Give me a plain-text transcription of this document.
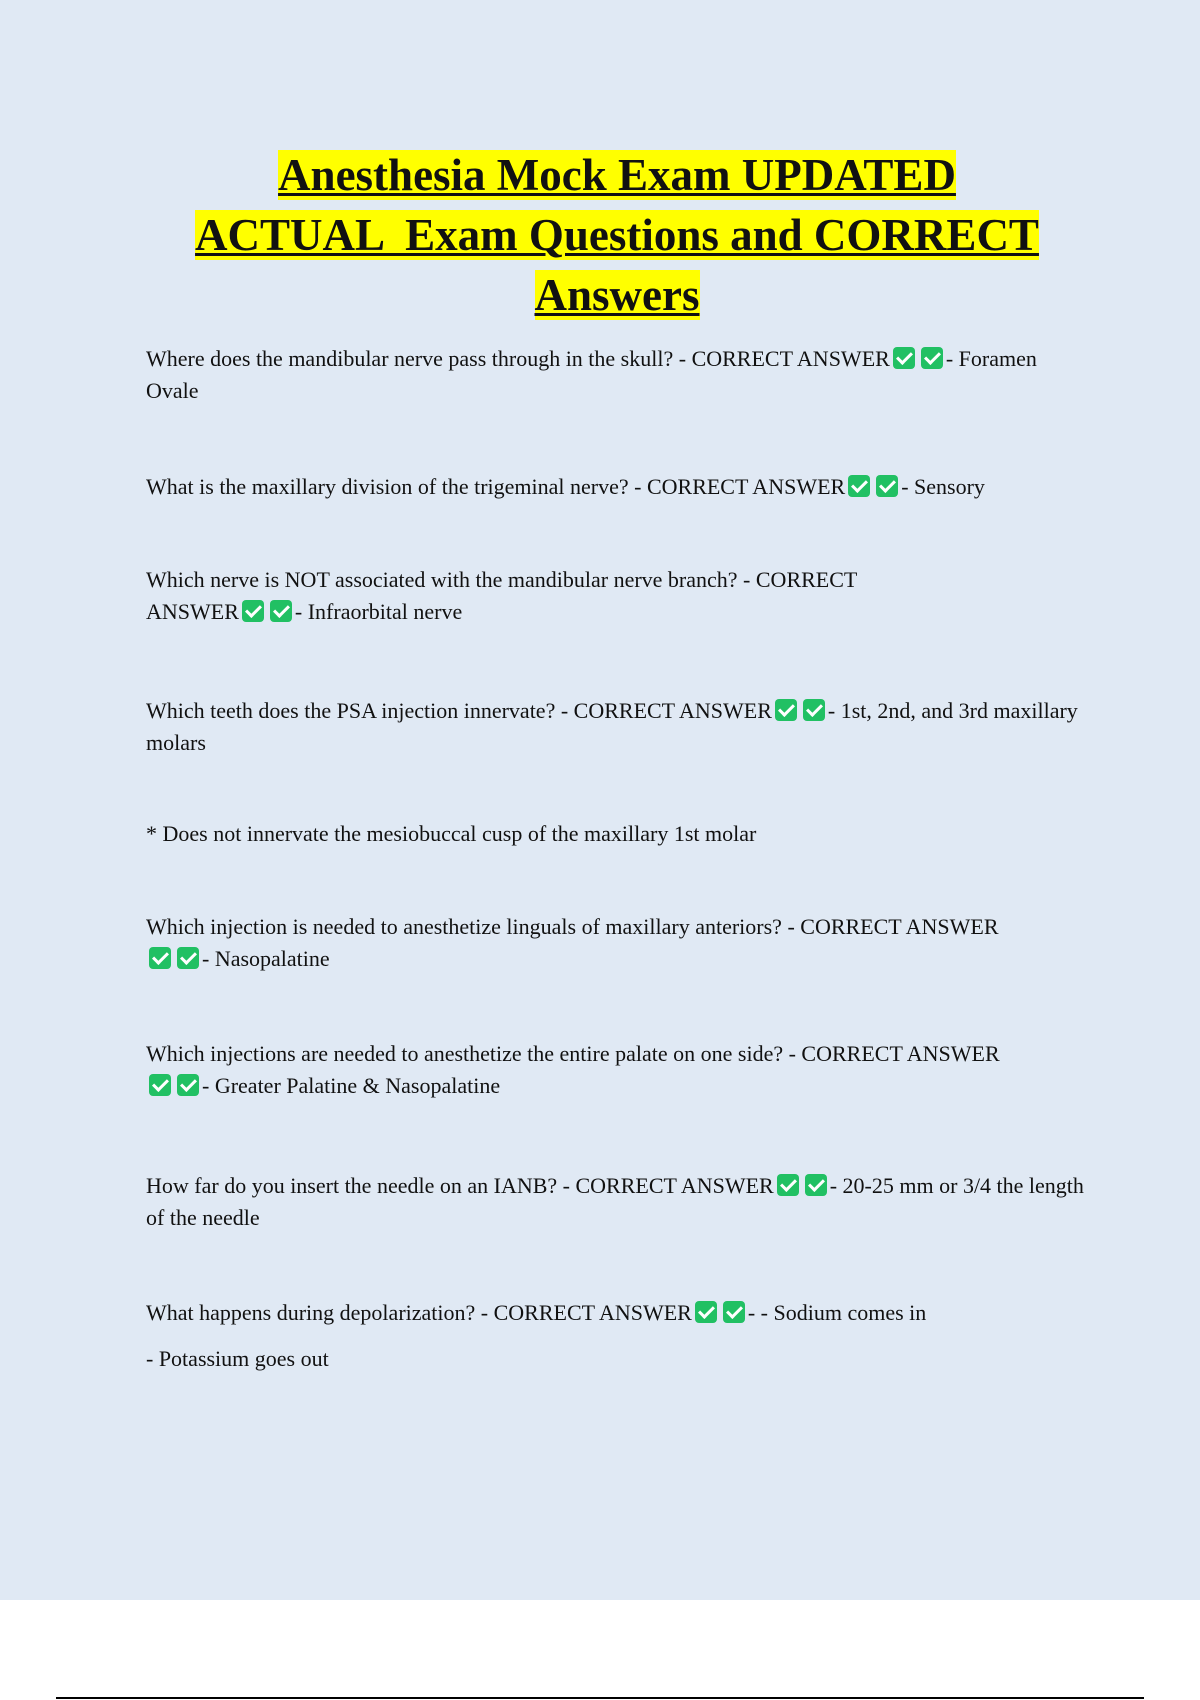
Anesthesia Mock Exam UPDATED
ACTUAL  Exam Questions and CORRECT
Answers

Where does the mandibular nerve pass through in the skull? - CORRECT ANSWER	- Foramen Ovale

What is the maxillary division of the trigeminal nerve? - CORRECT ANSWER	- Sensory

Which nerve is NOT associated with the mandibular nerve branch? - CORRECT ANSWER	- Infraorbital nerve

Which teeth does the PSA injection innervate? - CORRECT ANSWER	- 1st, 2nd, and 3rd maxillary molars

* Does not innervate the mesiobuccal cusp of the maxillary 1st molar

Which injection is needed to anesthetize linguals of maxillary anteriors? - CORRECT ANSWER- Nasopalatine

Which injections are needed to anesthetize the entire palate on one side? - CORRECT ANSWER- Greater Palatine & Nasopalatine

How far do you insert the needle on an IANB? - CORRECT ANSWER	- 20-25 mm or 3/4 the length of the needle

What happens during depolarization? - CORRECT ANSWER	- - Sodium comes in

- Potassium goes out
